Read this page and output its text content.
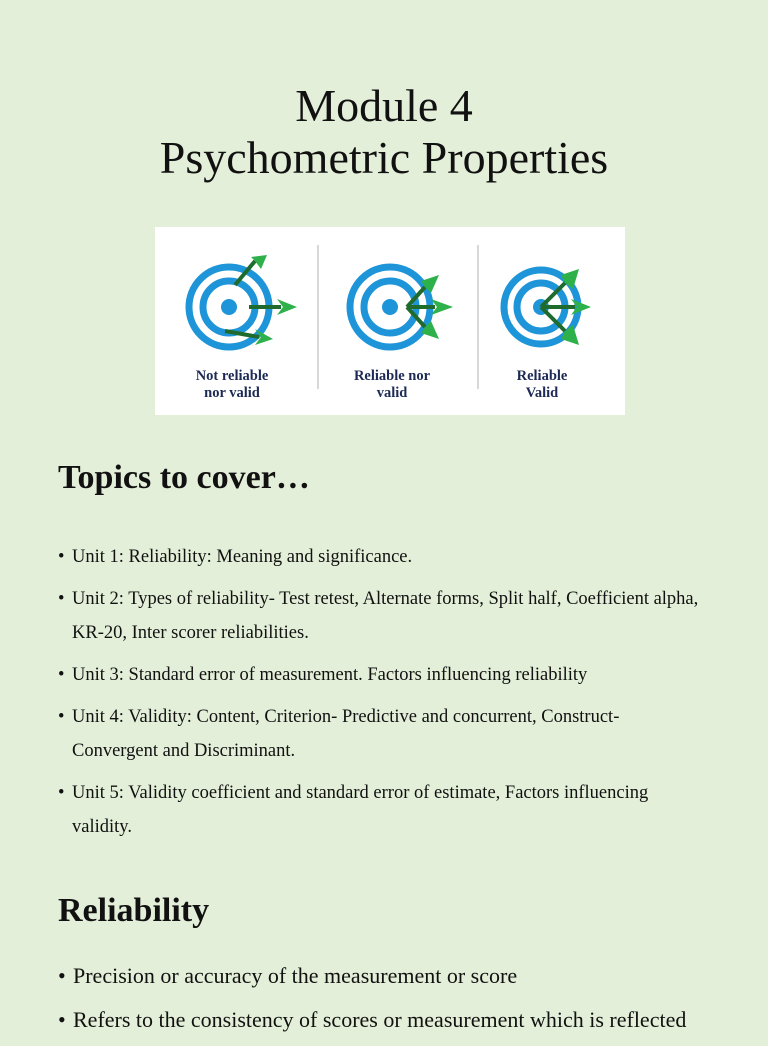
Module 4
Psychometric Properties
Not reliable
nor valid
Reliable nor
valid
Reliable
Valid
Topics to cover…
• Unit 1: Reliability: Meaning and significance.
• Unit 2: Types of reliability- Test retest, Alternate forms, Split half, Coefficient alpha, KR-20, Inter scorer reliabilities.
• Unit 3: Standard error of measurement. Factors influencing reliability
• Unit 4: Validity: Content, Criterion- Predictive and concurrent, Construct- Convergent and Discriminant.
• Unit 5: Validity coefficient and standard error of estimate, Factors influencing validity.
Reliability
• Precision or accuracy of the measurement or score
• Refers to the consistency of scores or measurement which is reflected
